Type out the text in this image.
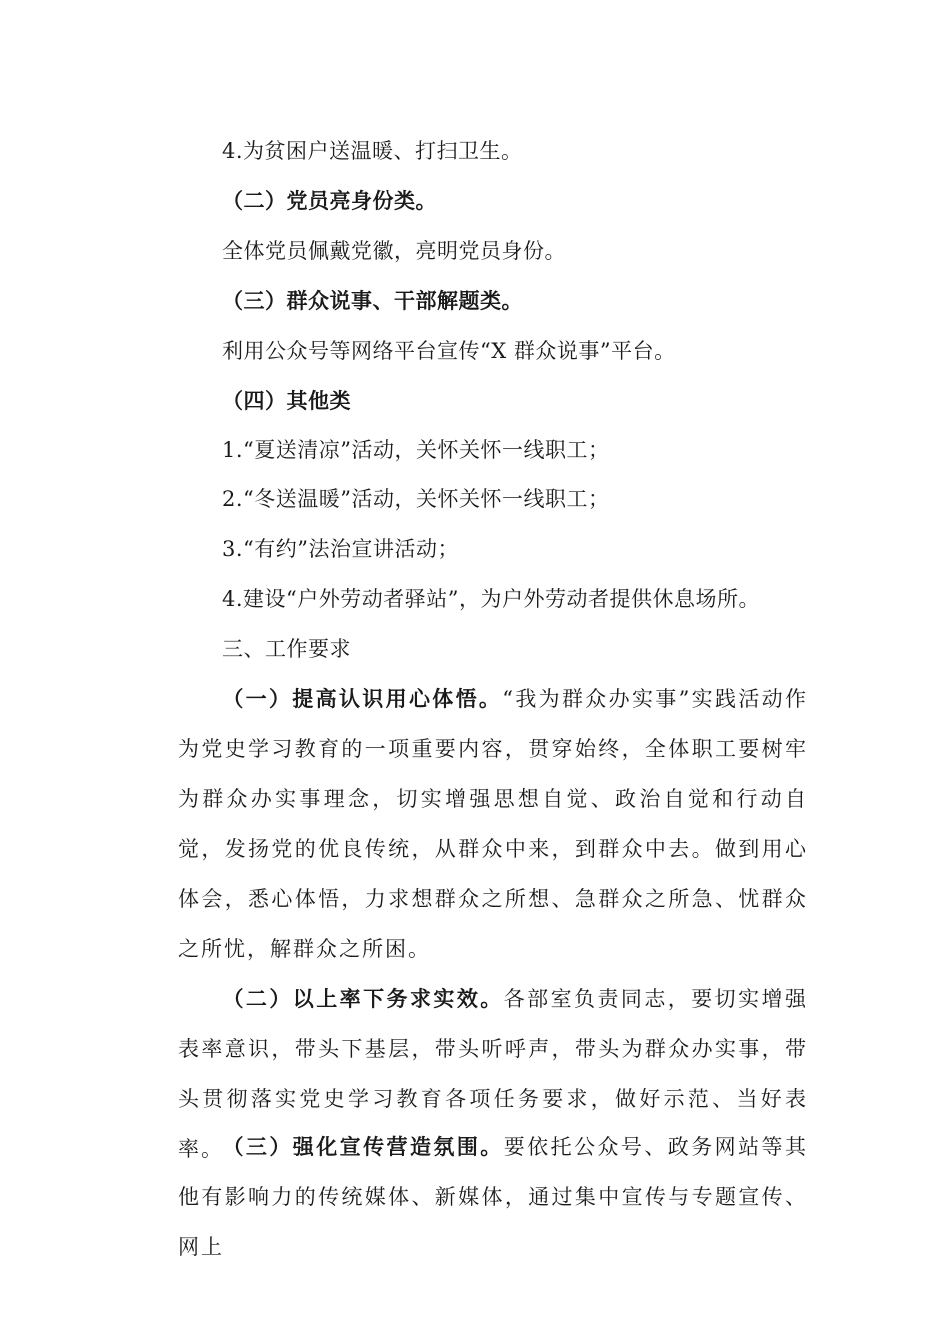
4.为贫困户送温暖、打扫卫生。
（二）党员亮身份类。
全体党员佩戴党徽，亮明党员身份。
（三）群众说事、干部解题类。
利用公众号等网络平台宣传“X 群众说事”平台。
（四）其他类
1.“夏送清凉”活动，关怀关怀一线职工；
2.“冬送温暖”活动，关怀关怀一线职工；
3.“有约”法治宣讲活动；
4.建设“户外劳动者驿站”，为户外劳动者提供休息场所。
三、工作要求
（一）提高认识用心体悟。“我为群众办实事”实践活动作为党史学习教育的一项重要内容，贯穿始终，全体职工要树牢为群众办实事理念，切实增强思想自觉、政治自觉和行动自觉，发扬党的优良传统，从群众中来，到群众中去。做到用心体会，悉心体悟，力求想群众之所想、急群众之所急、忧群众之所忧，解群众之所困。
（二）以上率下务求实效。各部室负责同志，要切实增强表率意识，带头下基层，带头听呼声，带头为群众办实事，带头贯彻落实党史学习教育各项任务要求，做好示范、当好表率。
（三）强化宣传营造氛围。要依托公众号、政务网站等其他有影响力的传统媒体、新媒体，通过集中宣传与专题宣传、网上
